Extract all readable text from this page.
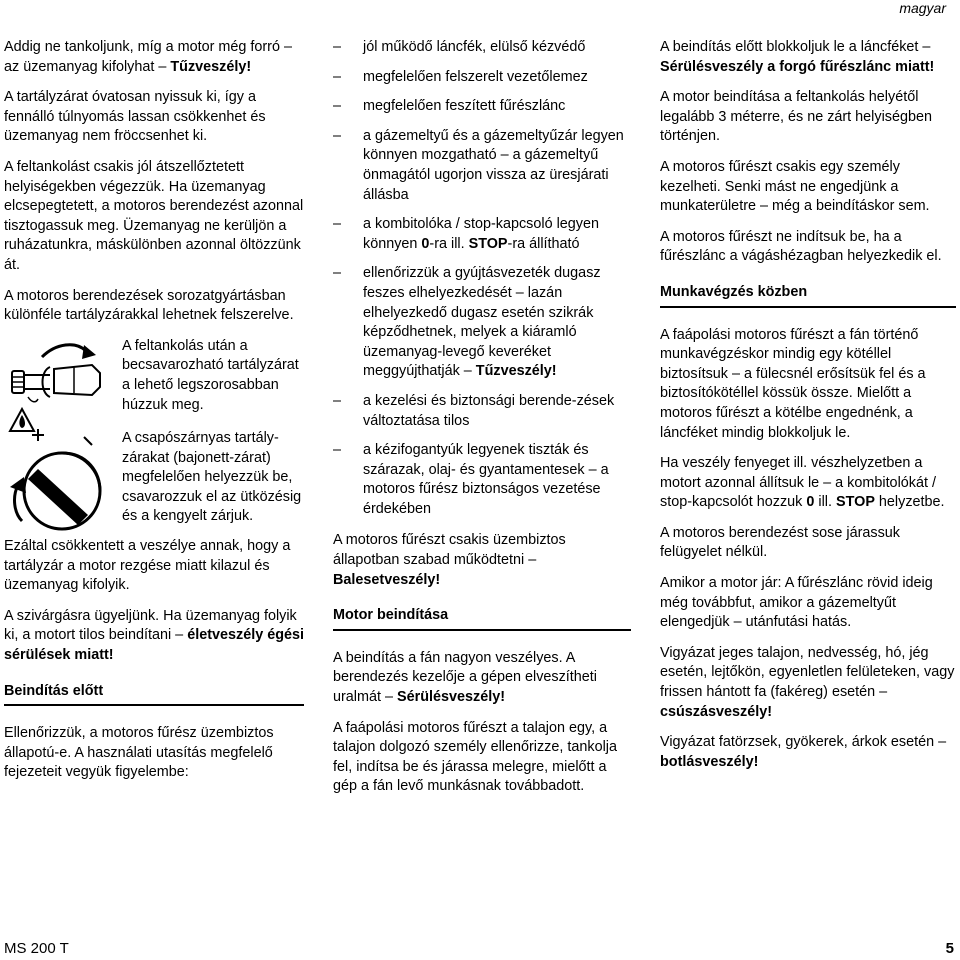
magyar

Addig ne tankoljunk, míg a motor még forró – az üzemanyag kifolyhat – Tűzveszély!

A tartályzárat óvatosan nyissuk ki, így a fennálló túlnyomás lassan csökkenhet és üzemanyag nem fröccsenhet ki.

A feltankolást csakis jól átszellőztetett helyiségekben végezzük. Ha üzemanyag elcsepegtetett, a motoros berendezést azonnal tisztogassuk meg. Üzemanyag ne kerüljön a ruházatunkra, máskülönben azonnal öltözzünk át.

A motoros berendezések sorozatgyártásban különféle tartályzárakkal lehetnek felszerelve.

A feltankolás után a becsavarozható tartályzárat a lehető legszorosabban húzzuk meg.
A csapószárnyas tartály-zárakat (bajonett-zárat) megfelelően helyezzük be, csavarozzuk el az ütközésig és a kengyelt zárjuk.

Ezáltal csökkentett a veszélye annak, hogy a tartályzár a motor rezgése miatt kilazul és üzemanyag kifolyik.

A szivárgásra ügyeljünk. Ha üzemanyag folyik ki, a motort tilos beindítani – életveszély égési sérülések miatt!

Beindítás előtt

Ellenőrizzük, a motoros fűrész üzembiztos állapotú-e. A használati utasítás megfelelő fejezeteit vegyük figyelembe:

– jól működő láncfék, elülső kézvédő
– megfelelően felszerelt vezetőlemez
– megfelelően feszített fűrészlánc
– a gázemeltyű és a gázemeltyűzár legyen könnyen mozgatható – a gázemeltyű önmagától ugorjon vissza az üresjárati állásba
– a kombitolóka / stop-kapcsoló legyen könnyen 0-ra ill. STOP-ra állítható
– ellenőrizzük a gyújtásvezeték dugasz feszes elhelyezkedését – lazán elhelyezkedő dugasz esetén szikrák képződhetnek, melyek a kiáramló üzemanyag-levegő keveréket meggyújthatják – Tűzveszély!
– a kezelési és biztonsági berende-zések változtatása tilos
– a kézifogantyúk legyenek tiszták és szárazak, olaj- és gyantamentesek – a motoros fűrész biztonságos vezetése érdekében

A motoros fűrészt csakis üzembiztos állapotban szabad működtetni – Balesetveszély!

Motor beindítása

A beindítás a fán nagyon veszélyes. A berendezés kezelője a gépen elveszítheti uralmát – Sérülésveszély!

A faápolási motoros fűrészt a talajon egy, a talajon dolgozó személy ellenőrizze, tankolja fel, indítsa be és járassa melegre, mielőtt a gép a fán levő munkásnak továbbadott.

A beindítás előtt blokkoljuk le a láncféket – Sérülésveszély a forgó fűrészlánc miatt!

A motor beindítása a feltankolás helyétől legalább 3 méterre, és ne zárt helyiségben történjen.

A motoros fűrészt csakis egy személy kezelheti. Senki mást ne engedjünk a munkaterületre – még a beindításkor sem.

A motoros fűrészt ne indítsuk be, ha a fűrészlánc a vágáshézagban helyezkedik el.

Munkavégzés közben

A faápolási motoros fűrészt a fán történő munkavégzéskor mindig egy kötéllel biztosítsuk – a fülecsnél erősítsük fel és a biztosítókötéllel kössük össze. Mielőtt a motoros fűrészt a kötélbe engednénk, a láncféket mindig blokkoljuk le.

Ha veszély fenyeget ill. vészhelyzetben a motort azonnal állítsuk le – a kombitolókát / stop-kapcsolót hozzuk 0 ill. STOP helyzetbe.

A motoros berendezést sose járassuk felügyelet nélkül.

Amikor a motor jár: A fűrészlánc rövid ideig még továbbfut, amikor a gázemeltyűt elengedjük – utánfutási hatás.

Vigyázat jeges talajon, nedvesség, hó, jég esetén, lejtőkön, egyenletlen felületeken, vagy frissen hántott fa (fakéreg) esetén – csúszásveszély!

Vigyázat fatörzsek, gyökerek, árkok esetén – botlásveszély!

MS 200 T	5
